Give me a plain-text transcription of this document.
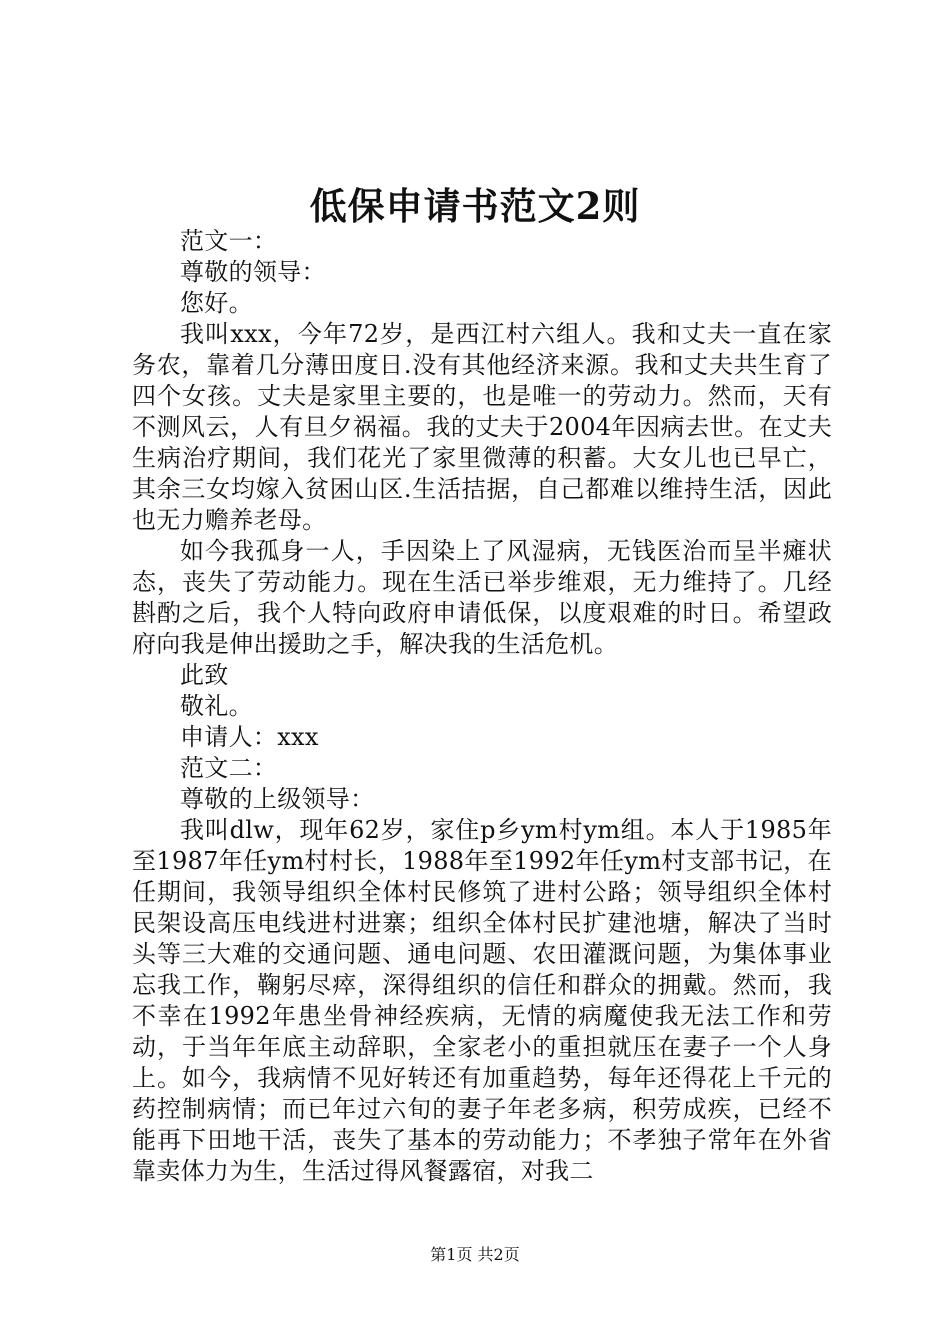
低保申请书范文2则

范文一：

尊敬的领导：

您好。

我叫xxx，今年72岁，是西江村六组人。我和丈夫一直在家务农，靠着几分薄田度日.没有其他经济来源。我和丈夫共生育了四个女孩。丈夫是家里主要的，也是唯一的劳动力。然而，天有不测风云，人有旦夕祸福。我的丈夫于2004年因病去世。在丈夫生病治疗期间，我们花光了家里微薄的积蓄。大女儿也已早亡，其余三女均嫁入贫困山区.生活拮据，自己都难以维持生活，因此也无力赡养老母。

如今我孤身一人，手因染上了风湿病，无钱医治而呈半瘫状态，丧失了劳动能力。现在生活已举步维艰，无力维持了。几经斟酌之后，我个人特向政府申请低保，以度艰难的时日。希望政府向我是伸出援助之手，解决我的生活危机。

此致

敬礼。

申请人：xxx

范文二：

尊敬的上级领导：

我叫dlw，现年62岁，家住p乡ym村ym组。本人于1985年至1987年任ym村村长，1988年至1992年任ym村支部书记，在任期间，我领导组织全体村民修筑了进村公路；领导组织全体村民架设高压电线进村进寨；组织全体村民扩建池塘，解决了当时头等三大难的交通问题、通电问题、农田灌溉问题，为集体事业忘我工作，鞠躬尽瘁，深得组织的信任和群众的拥戴。然而，我不幸在1992年患坐骨神经疾病，无情的病魔使我无法工作和劳动，于当年年底主动辞职，全家老小的重担就压在妻子一个人身上。如今，我病情不见好转还有加重趋势，每年还得花上千元的药控制病情；而已年过六旬的妻子年老多病，积劳成疾，已经不能再下田地干活，丧失了基本的劳动能力；不孝独子常年在外省靠卖体力为生，生活过得风餐露宿，对我二

第1页 共2页
